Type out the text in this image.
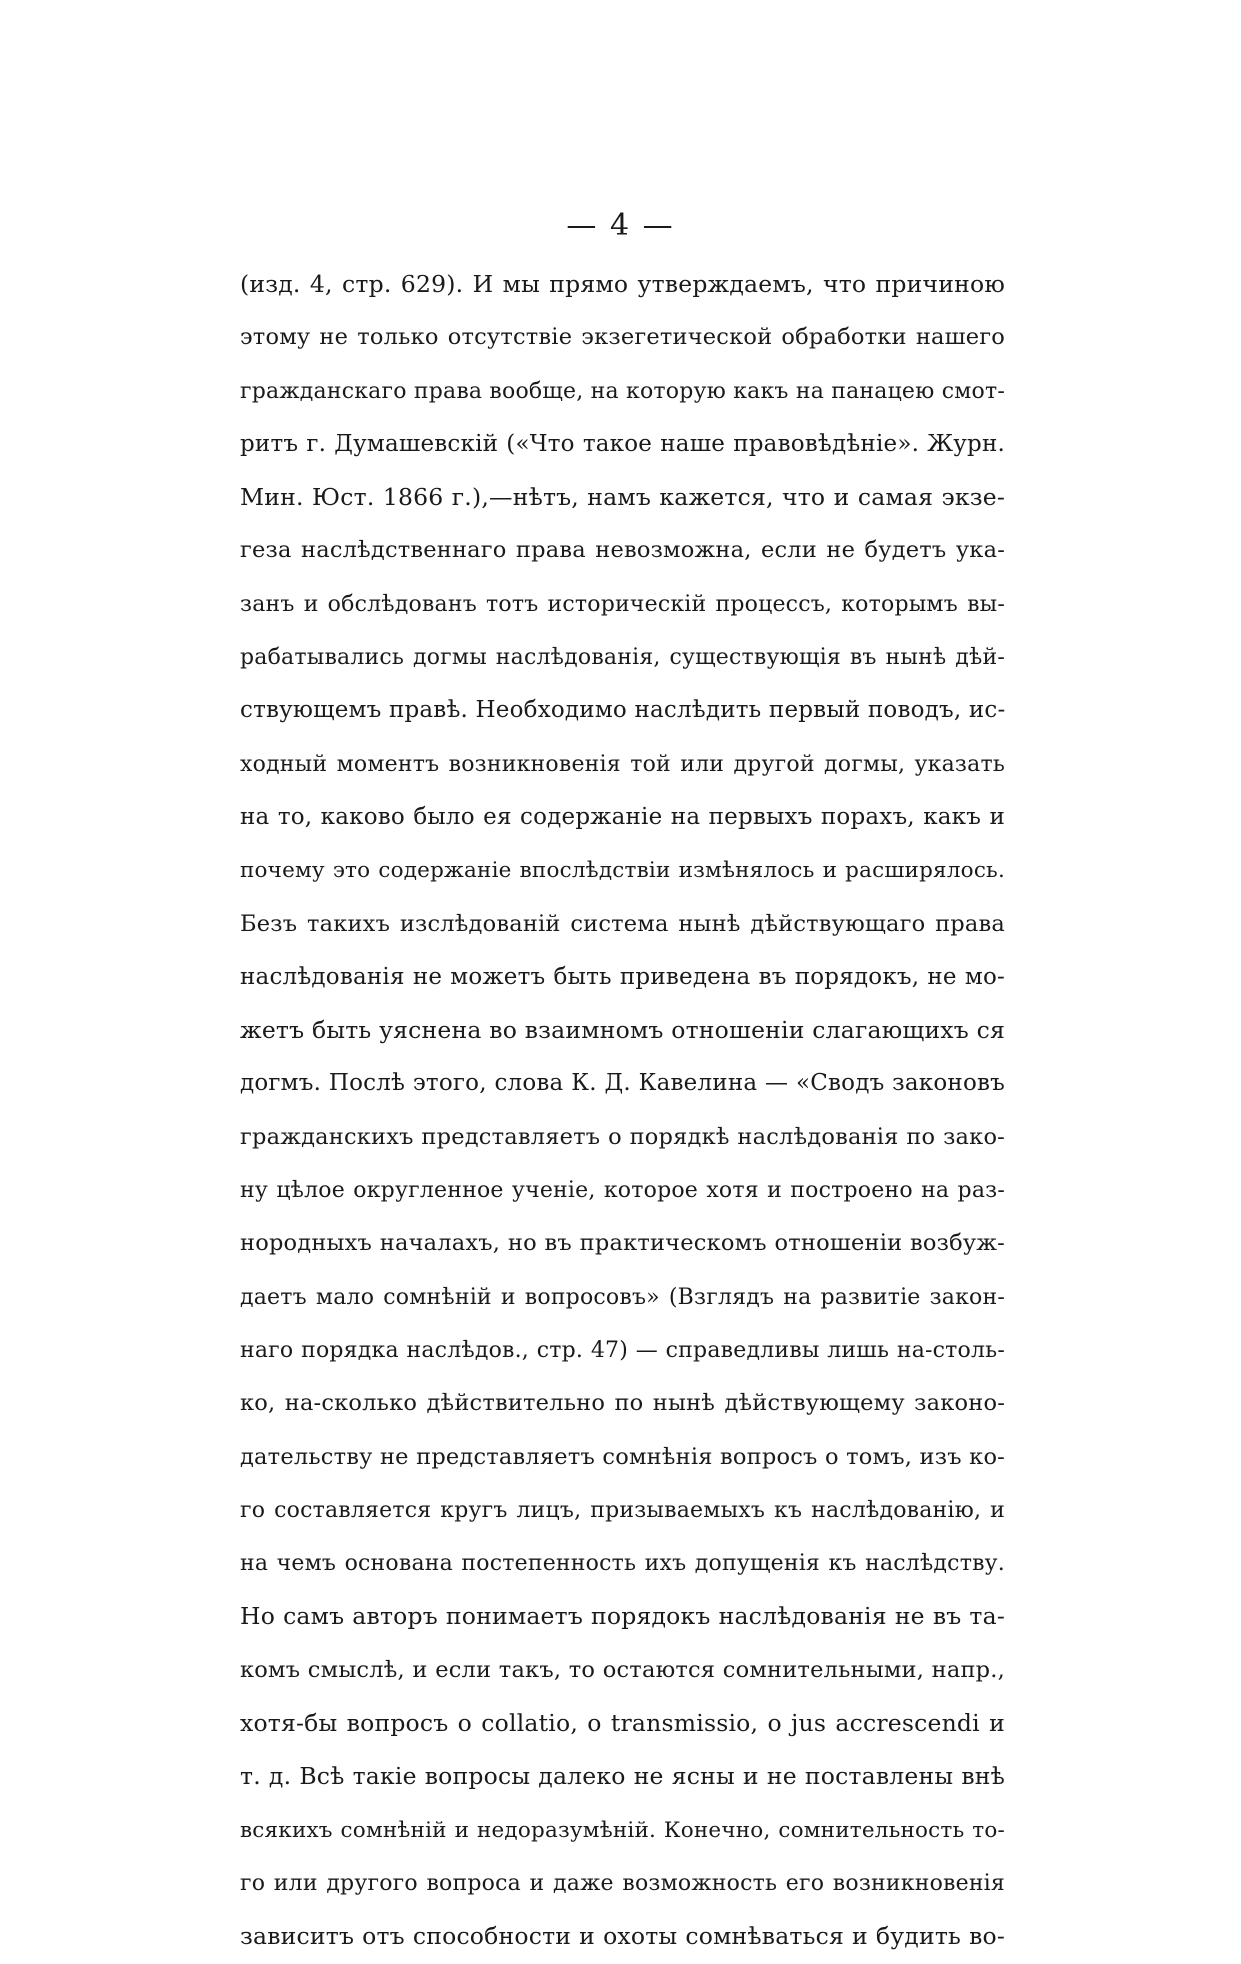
— 4 —
(изд. 4, стр. 629). И мы прямо утверждаемъ, что причиною
этому не только отсутствіе экзегетической обработки нашего
гражданскаго права вообще, на которую какъ на панацею смот-
ритъ г. Думашевскій («Что такое наше правовѣдѣніе». Журн.
Мин. Юст. 1866 г.),—нѣтъ, намъ кажется, что и самая экзе-
геза наслѣдственнаго права невозможна, если не будетъ ука-
занъ и обслѣдованъ тотъ историческій процессъ, которымъ вы-
рабатывались догмы наслѣдованія, существующія въ нынѣ дѣй-
ствующемъ правѣ. Необходимо наслѣдить первый поводъ, ис-
ходный моментъ возникновенія той или другой догмы, указать
на то, каково было ея содержаніе на первыхъ порахъ, какъ и
почему это содержаніе впослѣдствіи измѣнялось и расширялось.
Безъ такихъ изслѣдованій система нынѣ дѣйствующаго права
наслѣдованія не можетъ быть приведена въ порядокъ, не мо-
жетъ быть уяснена во взаимномъ отношеніи слагающихъ ся
догмъ. Послѣ этого, слова К. Д. Кавелина — «Сводъ законовъ
гражданскихъ представляетъ о порядкѣ наслѣдованія по зако-
ну цѣлое округленное ученіе, которое хотя и построено на раз-
нородныхъ началахъ, но въ практическомъ отношеніи возбуж-
даетъ мало сомнѣній и вопросовъ» (Взглядъ на развитіе закон-
наго порядка наслѣдов., стр. 47) — справедливы лишь на-столь-
ко, на-сколько дѣйствительно по нынѣ дѣйствующему законо-
дательству не представляетъ сомнѣнія вопросъ о томъ, изъ ко-
го составляется кругъ лицъ, призываемыхъ къ наслѣдованію, и
на чемъ основана постепенность ихъ допущенія къ наслѣдству.
Но самъ авторъ понимаетъ порядокъ наслѣдованія не въ та-
комъ смыслѣ, и если такъ, то остаются сомнительными, напр.,
хотя-бы вопросъ о collatio, о transmissio, о jus accrescendi и
т. д. Всѣ такіе вопросы далеко не ясны и не поставлены внѣ
всякихъ сомнѣній и недоразумѣній. Конечно, сомнительность то-
го или другого вопроса и даже возможность его возникновенія
зависитъ отъ способности и охоты сомнѣваться и будить во-
